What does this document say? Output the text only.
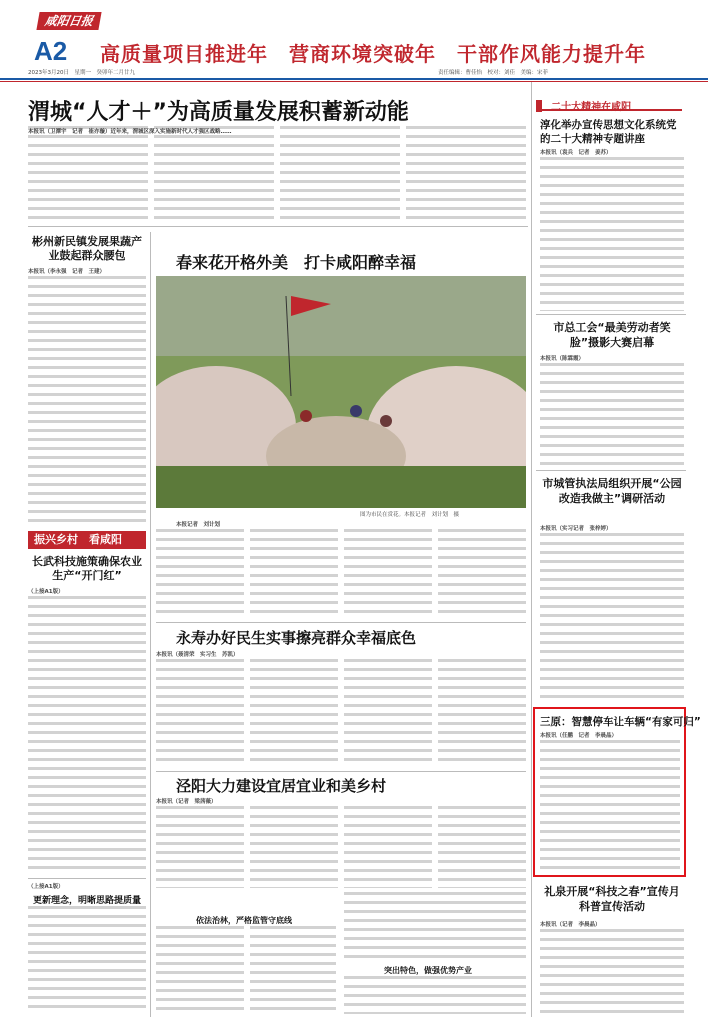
咸阳日报
A2 高质量项目推进年　营商环境突破年　干部作风能力提升年
2023年3月20日　星期一　癸卯年二月廿九	责任编辑：曹佳怡　校对：刘佳　美编：宋菲
渭城“人才＋”为高质量发展积蓄新动能
本报讯（卫潭宇　记者　崔亦璇）近年来，渭城区深入实施新时代人才强区战略……
彬州新民镇发展果蔬产业鼓起群众腰包
本报讯（李永强　记者　王建）
振兴乡村　看咸阳
长武科技施策确保农业生产“开门红”
（上接A1版）
（上接A1版）
更新理念，明晰思路提质量
春来花开格外美　打卡咸阳醉幸福
图为市民在赏花。本报记者　刘计划　摄
本报记者　刘计划
永寿办好民生实事擦亮群众幸福底色
本报讯（聂清荣　实习生　苏凯）
泾阳大力建设宜居宜业和美乡村
本报讯（记者　梁茜薇）
依法治林，严格监管守底线
突出特色，做强优势产业
二十大精神在咸阳
淳化举办宣传思想文化系统党的二十大精神专题讲座
本报讯（袁兵　记者　姜苏）
市总工会“最美劳动者笑脸”摄影大赛启幕
本报讯（陈霖霞）
市城管执法局组织开展“公园改造我做主”调研活动
本报讯（实习记者　张梓婷）
三原：智慧停车让车辆“有家可归”
本报讯（任鹏　记者　李晨晶）
礼泉开展“科技之春”宣传月科普宣传活动
本报讯（记者　李晨晶）
